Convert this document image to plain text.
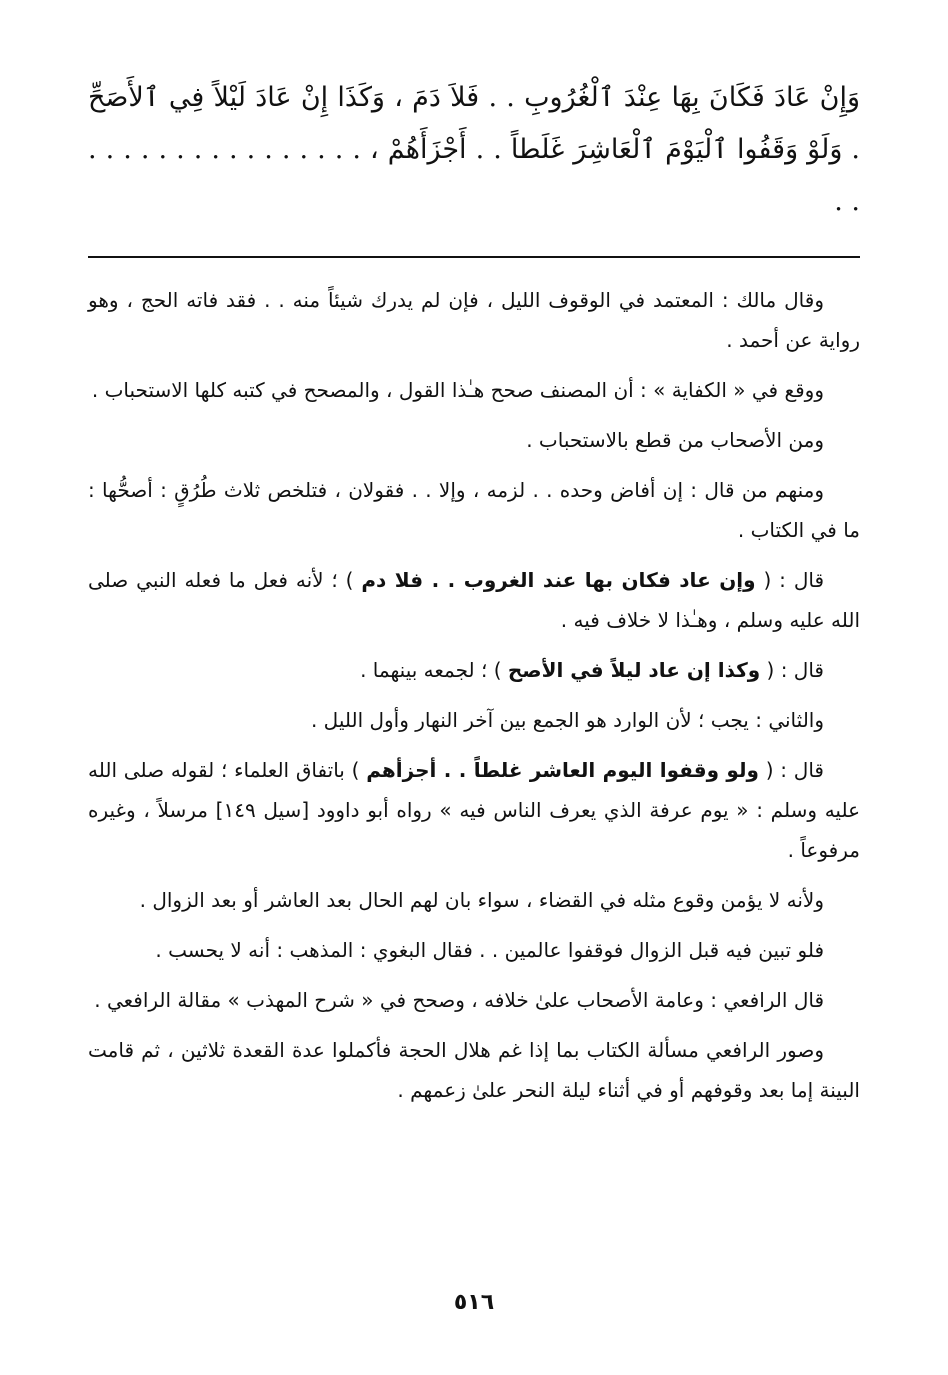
وَإِنْ عَادَ فَكَانَ بِهَا عِنْدَ ٱلْغُرُوبِ . . فَلاَ دَمَ ، وَكَذَا إِنْ عَادَ لَيْلاً فِي ٱلأَصَحِّ . وَلَوْ وَقَفُوا ٱلْيَوْمَ ٱلْعَاشِرَ غَلَطاً . . أَجْزَأَهُمْ ، . . . . . . . . . . . . . . . . . .

وقال مالك : المعتمد في الوقوف الليل ، فإن لم يدرك شيئاً منه . . فقد فاته الحج ، وهو رواية عن أحمد .

ووقع في « الكفاية » : أن المصنف صحح هـٰذا القول ، والمصحح في كتبه كلها الاستحباب .

ومن الأصحاب من قطع بالاستحباب .

ومنهم من قال : إن أفاض وحده . . لزمه ، وإلا . . فقولان ، فتلخص ثلاث طُرُقٍ : أصحُّها : ما في الكتاب .

قال : ( وإن عاد فكان بها عند الغروب . . فلا دم ) ؛ لأنه فعل ما فعله النبي صلى الله عليه وسلم ، وهـٰذا لا خلاف فيه .

قال : ( وكذا إن عاد ليلاً في الأصح ) ؛ لجمعه بينهما .

والثاني : يجب ؛ لأن الوارد هو الجمع بين آخر النهار وأول الليل .

قال : ( ولو وقفوا اليوم العاشر غلطاً . . أجزأهم ) باتفاق العلماء ؛ لقوله صلى الله عليه وسلم : « يوم عرفة الذي يعرف الناس فيه » رواه أبو داوود [سيل ١٤٩] مرسلاً ، وغيره مرفوعاً .

ولأنه لا يؤمن وقوع مثله في القضاء ، سواء بان لهم الحال بعد العاشر أو بعد الزوال .

فلو تبين فيه قبل الزوال فوقفوا عالمين . . فقال البغوي : المذهب : أنه لا يحسب .

قال الرافعي : وعامة الأصحاب علىٰ خلافه ، وصحح في « شرح المهذب » مقالة الرافعي .

وصور الرافعي مسألة الكتاب بما إذا غم هلال الحجة فأكملوا عدة القعدة ثلاثين ، ثم قامت البينة إما بعد وقوفهم أو في أثناء ليلة النحر علىٰ زعمهم .

٥١٦
